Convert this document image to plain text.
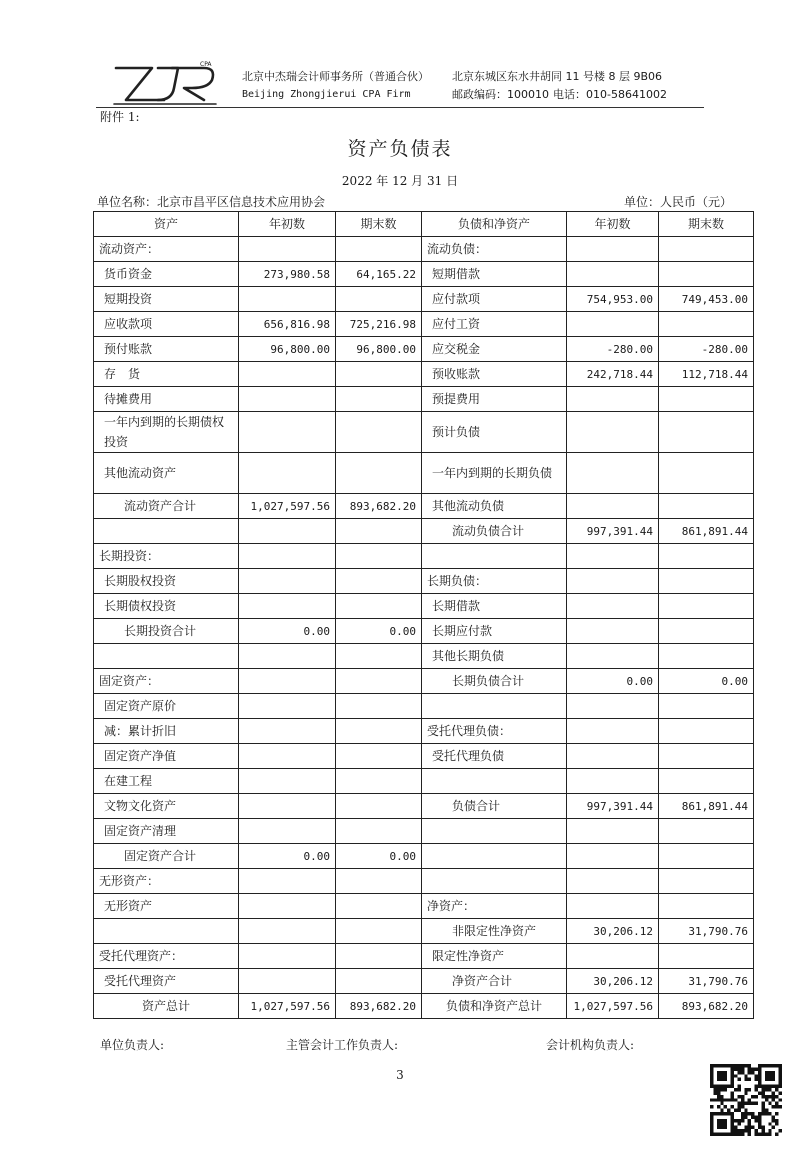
CPA
北京中杰瑞会计师事务所（普通合伙）
Beijing Zhongjierui CPA Firm
北京东城区东水井胡同 11 号楼 8 层 9B06
邮政编码：100010 电话：010-58641002
附件 1:
资产负债表
2022 年 12 月 31 日
单位名称：北京市昌平区信息技术应用协会	单位：人民币（元）
资产	年初数	期末数	负债和净资产	年初数	期末数
流动资产：			流动负债：		
货币资金	273,980.58	64,165.22	短期借款		
短期投资			应付款项	754,953.00	749,453.00
应收款项	656,816.98	725,216.98	应付工资		
预付账款	96,800.00	96,800.00	应交税金	-280.00	-280.00
存　货			预收账款	242,718.44	112,718.44
待摊费用			预提费用		
一年内到期的长期债权投资			预计负债		
其他流动资产			一年内到期的长期负债		
流动资产合计	1,027,597.56	893,682.20	其他流动负债		
			流动负债合计	997,391.44	861,891.44
长期投资：					
长期股权投资			长期负债：		
长期债权投资			长期借款		
长期投资合计	0.00	0.00	长期应付款		
			其他长期负债		
固定资产：			长期负债合计	0.00	0.00
固定资产原价					
减：累计折旧			受托代理负债：		
固定资产净值			受托代理负债		
在建工程					
文物文化资产			负债合计	997,391.44	861,891.44
固定资产清理					
固定资产合计	0.00	0.00			
无形资产：					
无形资产			净资产：		
			非限定性净资产	30,206.12	31,790.76
受托代理资产：			限定性净资产		
受托代理资产			净资产合计	30,206.12	31,790.76
资产总计	1,027,597.56	893,682.20	负债和净资产总计	1,027,597.56	893,682.20
单位负责人:	主管会计工作负责人:	会计机构负责人:
3
